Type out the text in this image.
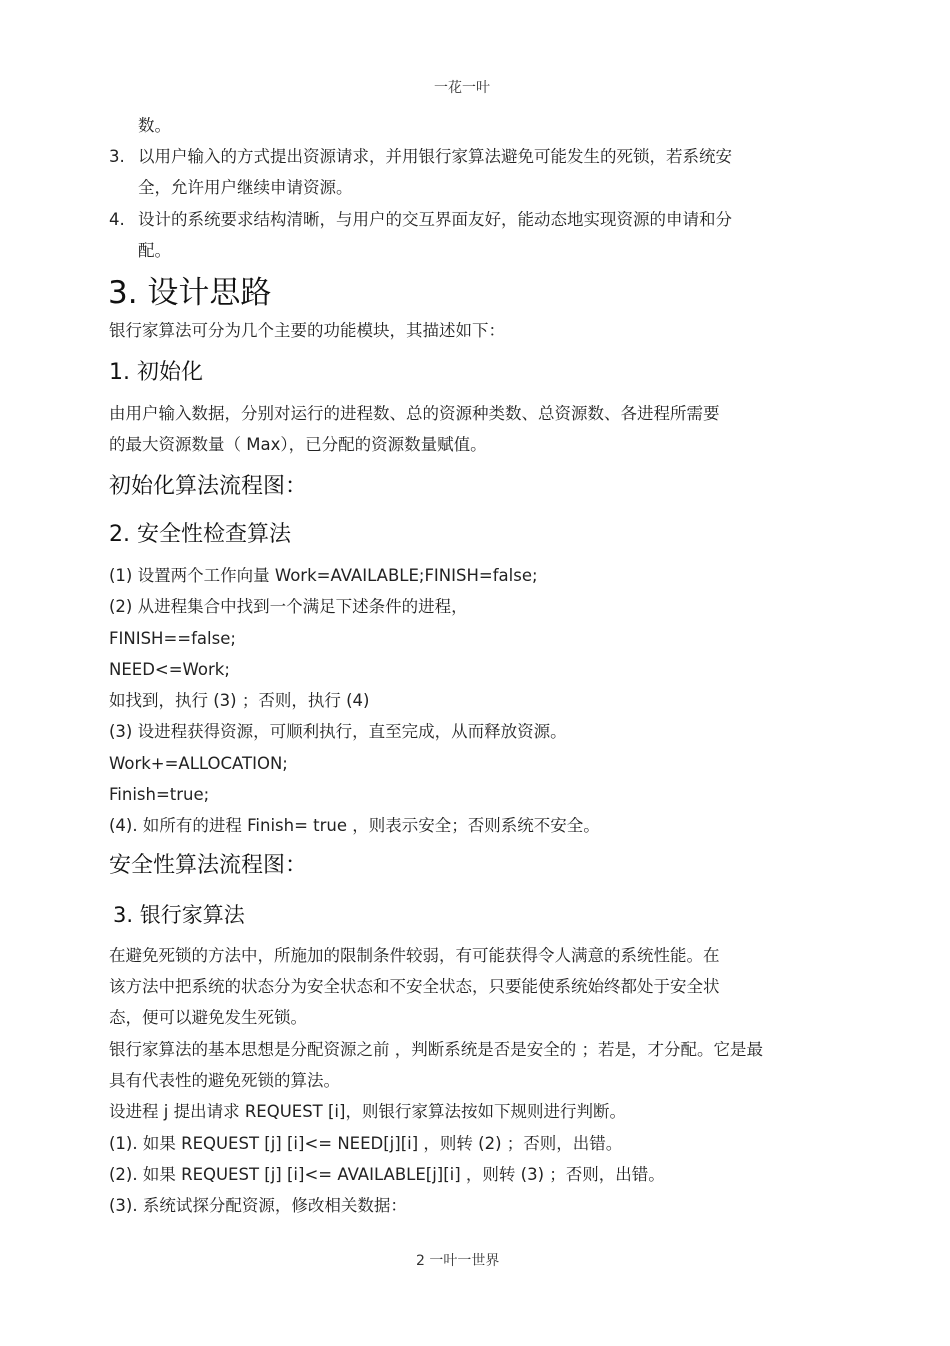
一花一叶
数。
3. 以用户输入的方式提出资源请求，并用银行家算法避免可能发生的死锁，若系统安
全，允许用户继续申请资源。
4. 设计的系统要求结构清晰，与用户的交互界面友好，能动态地实现资源的申请和分
配。
3. 设计思路
银行家算法可分为几个主要的功能模块，其描述如下：
1. 初始化
由用户输入数据，分别对运行的进程数、总的资源种类数、总资源数、各进程所需要
的最大资源数量（ Max），已分配的资源数量赋值。
初始化算法流程图：
2. 安全性检查算法
(1) 设置两个工作向量 Work=AVAILABLE;FINISH=false;
(2) 从进程集合中找到一个满足下述条件的进程，
FINISH==false;
NEED<=Work;
如找到，执行 (3) ；否则，执行 (4)
(3) 设进程获得资源，可顺利执行，直至完成，从而释放资源。
Work+=ALLOCATION;
Finish=true;
(4). 如所有的进程 Finish= true ，则表示安全；否则系统不安全。
安全性算法流程图：
3. 银行家算法
在避免死锁的方法中，所施加的限制条件较弱，有可能获得令人满意的系统性能。在
该方法中把系统的状态分为安全状态和不安全状态，只要能使系统始终都处于安全状
态，便可以避免发生死锁。
银行家算法的基本思想是分配资源之前 ，判断系统是否是安全的 ；若是，才分配。它是最
具有代表性的避免死锁的算法。
设进程 j 提出请求 REQUEST [i]，则银行家算法按如下规则进行判断。
(1). 如果 REQUEST [j] [i]<= NEED[j][i] ，则转 (2) ；否则，出错。
(2). 如果 REQUEST [j] [i]<= AVAILABLE[j][i] ，则转 (3) ；否则，出错。
(3). 系统试探分配资源，修改相关数据：
2 一叶一世界
